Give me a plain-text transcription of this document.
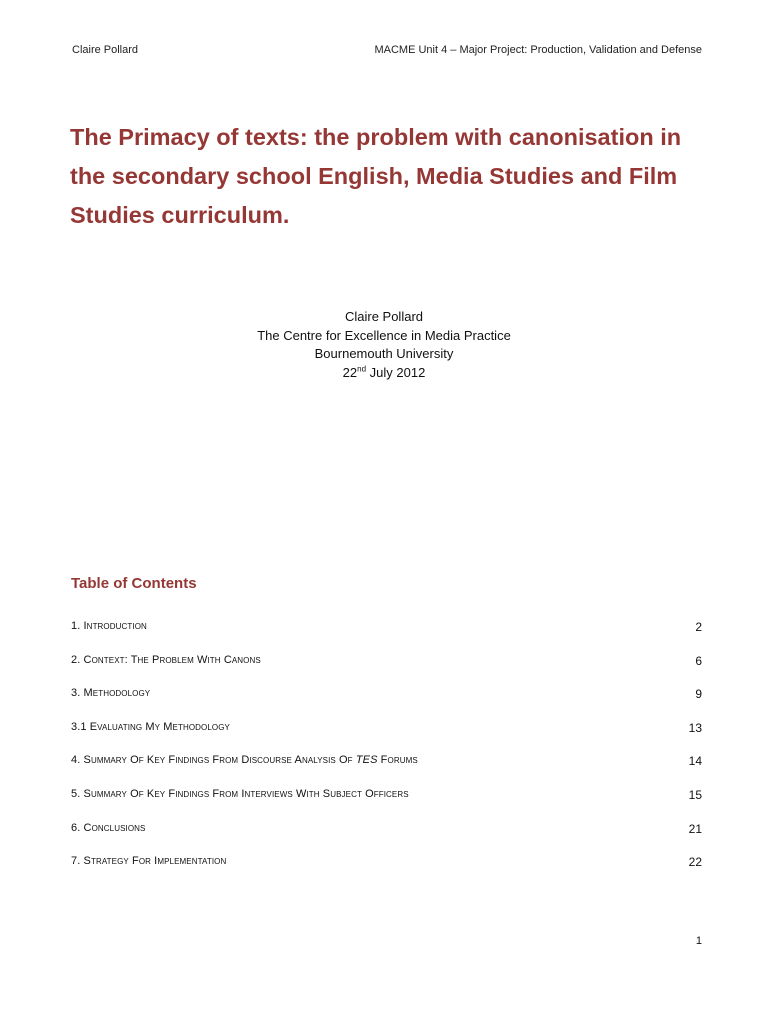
Claire Pollard	MACME Unit 4 – Major Project: Production, Validation and Defense
The Primacy of texts: the problem with canonisation in the secondary school English, Media Studies and Film Studies curriculum.
Claire Pollard
The Centre for Excellence in Media Practice
Bournemouth University
22nd July 2012
Table of Contents
1. Introduction	2
2. Context: The Problem With Canons	6
3. Methodology	9
3.1 Evaluating My Methodology	13
4. Summary Of Key Findings From Discourse Analysis Of TES Forums	14
5. Summary Of Key Findings From Interviews With Subject Officers	15
6. Conclusions	21
7. Strategy For Implementation	22
1
